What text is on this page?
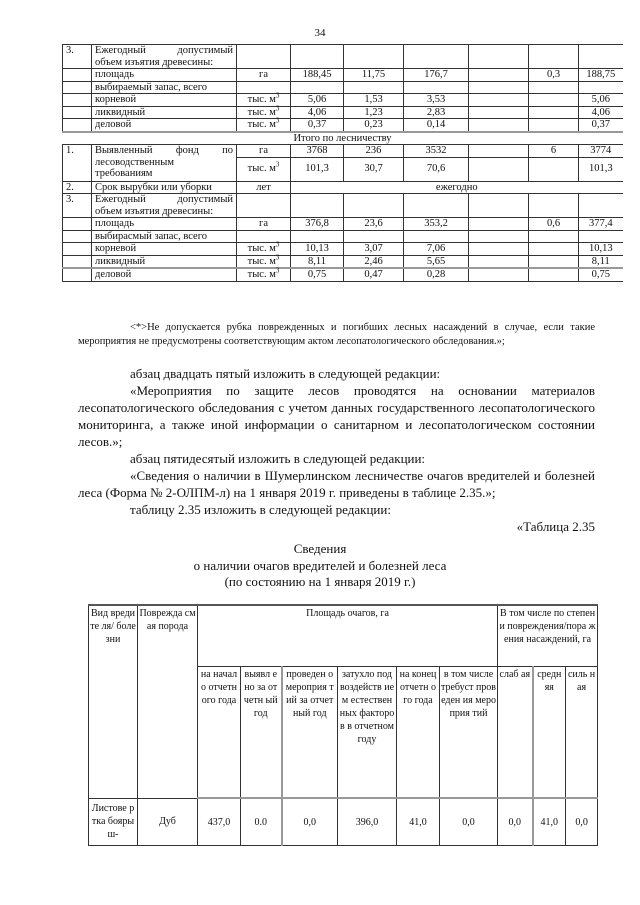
34
3.	Ежегодный допустимый объем изъятия древесины:							
	площадь	га	188,45	11,75	176,7		0,3	188,75
	выбираемый запас, всего							
	корневой	тыс. $м^3$	5,06	1,53	3,53			5,06
	ликвидный	тыс. $м^3$	4,06	1,23	2,83			4,06
	деловой	тыс. $м^3$	0,37	0,23	0,14			0,37
Итого по лесничеству								
1.	Выявленный фонд по лесоводственным требованиям	га	3768	236	3532		6	3774
		тыс. $м^3$	101,3	30,7	70,6			101,3
2.	Срок вырубки или уборки	лет	ежегодно					
3.	Ежегодный допустимый объем изъятия древесины:							
	площадь	га	376,8	23,6	353,2		0,6	377,4
	выбирасмый запас, всего							
	корневой	тыс. $м^3$	10,13	3,07	7,06			10,13
	ликвидный	тыс. $м^3$	8,11	2,46	5,65			8,11
	деловой	тыс. $м^3$	0,75	0,47	0,28			0,75

<*>Не допускается рубка поврежденных и погибших лесных насаждений в случае, если такие мероприятия не предусмотрены соответствующим актом лесопатологического обследования.»;

абзац двадцать пятый изложить в следующей редакции:

«Мероприятия по защите лесов проводятся на основании материалов лесопатологического обследования с учетом данных государственного лесопатологического мониторинга, а также иной информации о санитарном и лесопатологическом состоянии лесов.»;

абзац пятидесятый изложить в следующей редакции:

«Сведения о наличии в Шумерлинском лесничестве очагов вредителей и болезней леса (Форма № 2-ОЛПМ-л) на 1 января 2019 г. приведены в таблице 2.35.»;

таблицу 2.35 изложить в следующей редакции:

«Таблица 2.35
Сведения
о наличии очагов вредителей и болезней леса
(по состоянию на 1 января 2019 г.)
Вид вредите ля/ болезни	Поврежда смая порода	Площадь очагов, га						В том числе по степени повреждения/пора жения насаждений, га		
		на начало отчетн ого года	выявл ено за отчетн ый год	проведен о мероприя тий за отчетный год	затухло под воздейств ием естествен ных факторов в отчетном году	на конец отчетн ого года	в том числе требуст проведен ия мероприя тий	слаб ая	средн яя	силь ная
Листове ртка боярыш-	Дуб	437,0	0.0	0,0	396,0	41,0	0,0	0,0	41,0	0,0
